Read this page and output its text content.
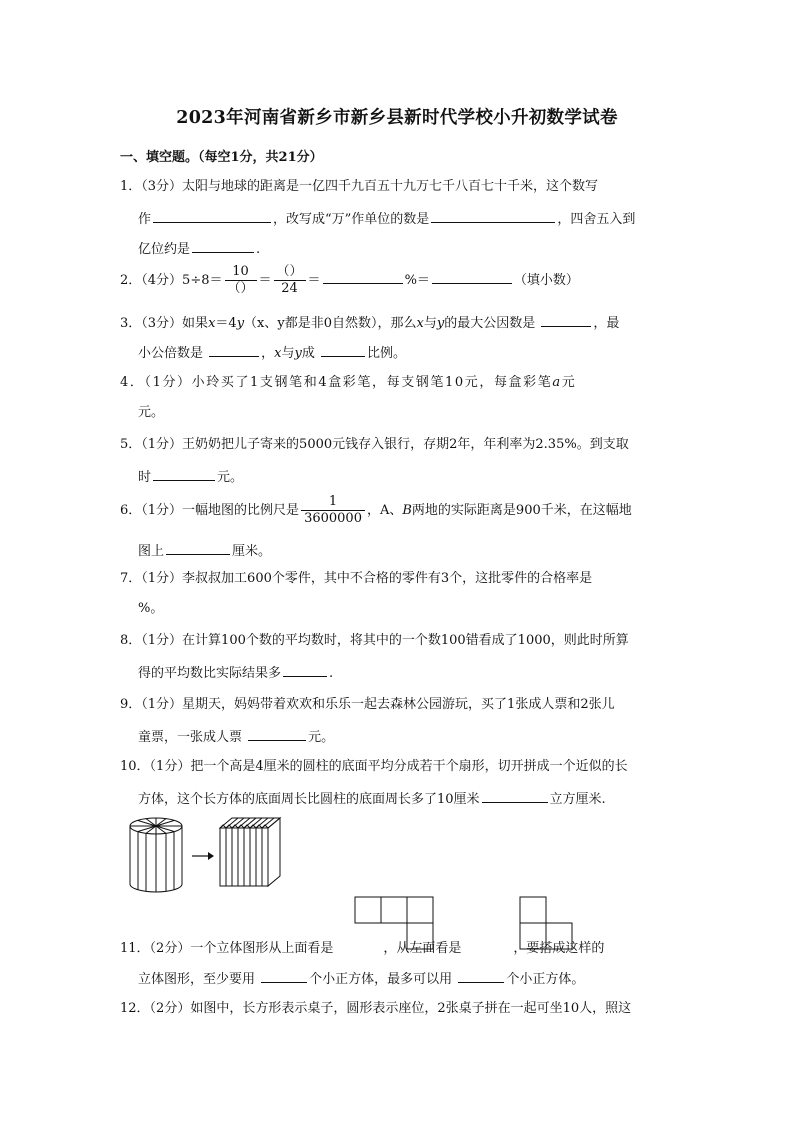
2023年河南省新乡市新乡县新时代学校小升初数学试卷
一、填空题。（每空1分，共21分）
1．（3分）太阳与地球的距离是一亿四千九百五十九万七千八百七十千米，这个数写
作	，改写成“万”作单位的数是	，四舍五入到
亿位约是	.
2．（4分）$5\div 8= \frac{10}{()} = \frac{()}{24}$ ＝	%＝	（填小数）
3．（3分）如果x＝4y（x、y都是非0自然数），那么x与y的最大公因数是	，最
小公倍数是	，x与y成	比例。
4．（1分）小玲买了1支钢笔和4盒彩笔，每支钢笔10元，每盒彩笔a元
元。
5．（1分）王奶奶把儿子寄来的5000元钱存入银行，存期2年，年利率为2.35%。到支取
时	元。
6．（1分）一幅地图的比例尺是 $\frac{1}{3600000}$ ，A、B两地的实际距离是900千米，在这幅地
图上	厘米。
7．（1分）李叔叔加工600个零件，其中不合格的零件有3个，这批零件的合格率是
%。
8．（1分）在计算100个数的平均数时，将其中的一个数100错看成了1000，则此时所算
得的平均数比实际结果多	.
9．（1分）星期天，妈妈带着欢欢和乐乐一起去森林公园游玩，买了1张成人票和2张儿
童票，一张成人票	元。
10．（1分）把一个高是4厘米的圆柱的底面平均分成若干个扇形，切开拼成一个近似的长
方体，这个长方体的底面周长比圆柱的底面周长多了10厘米	立方厘米.
11．（2分）一个立体图形从上面看是	，从左面看是	，要搭成这样的
立体图形，至少要用	个小正方体，最多可以用	个小正方体。
12．（2分）如图中，长方形表示桌子，圆形表示座位，2张桌子拼在一起可坐10人，照这
